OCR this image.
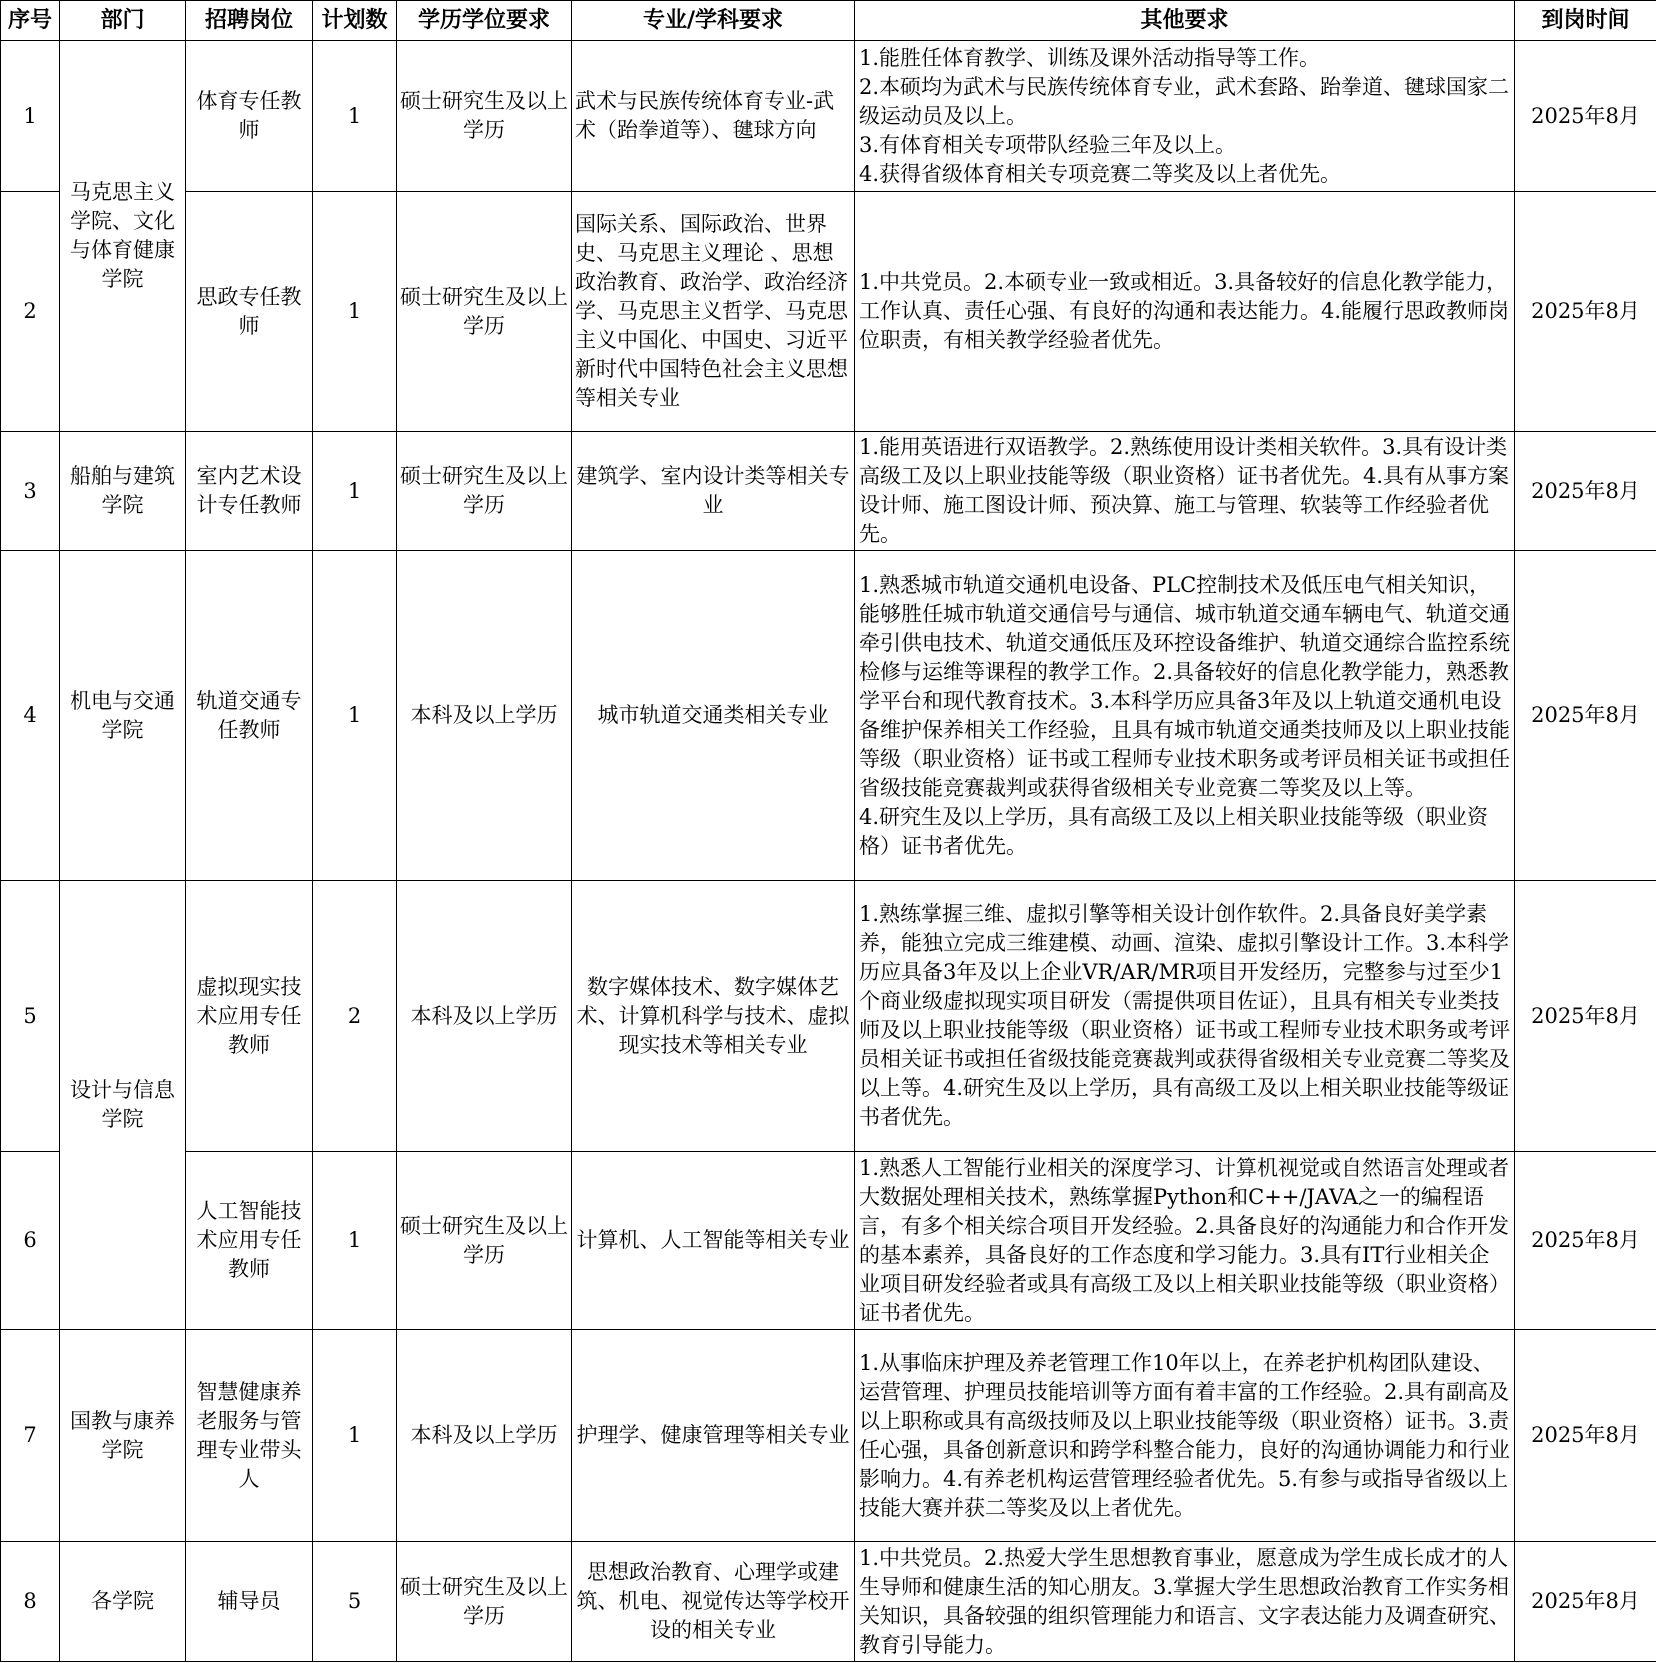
序号	部门	招聘岗位	计划数	学历学位要求	专业/学科要求	其他要求	到岗时间
1	马克思主义学院、文化与体育健康学院	体育专任教师	1	硕士研究生及以上学历	武术与民族传统体育专业-武术（跆拳道等）、毽球方向	1.能胜任体育教学、训练及课外活动指导等工作。
2.本硕均为武术与民族传统体育专业，武术套路、跆拳道、毽球国家二级运动员及以上。
3.有体育相关专项带队经验三年及以上。
4.获得省级体育相关专项竞赛二等奖及以上者优先。	2025年8月
2		思政专任教师	1	硕士研究生及以上学历	国际关系、国际政治、世界史、马克思主义理论 、思想政治教育、政治学、政治经济学、马克思主义哲学、马克思主义中国化、中国史、习近平新时代中国特色社会主义思想等相关专业	1.中共党员。2.本硕专业一致或相近。3.具备较好的信息化教学能力，工作认真、责任心强、有良好的沟通和表达能力。4.能履行思政教师岗位职责，有相关教学经验者优先。	2025年8月
3	船舶与建筑学院	室内艺术设计专任教师	1	硕士研究生及以上学历	建筑学、室内设计类等相关专业	1.能用英语进行双语教学。2.熟练使用设计类相关软件。3.具有设计类高级工及以上职业技能等级（职业资格）证书者优先。4.具有从事方案设计师、施工图设计师、预决算、施工与管理、软装等工作经验者优先。	2025年8月
4	机电与交通学院	轨道交通专任教师	1	本科及以上学历	城市轨道交通类相关专业	1.熟悉城市轨道交通机电设备、PLC控制技术及低压电气相关知识，能够胜任城市轨道交通信号与通信、城市轨道交通车辆电气、轨道交通牵引供电技术、轨道交通低压及环控设备维护、轨道交通综合监控系统检修与运维等课程的教学工作。2.具备较好的信息化教学能力，熟悉教学平台和现代教育技术。3.本科学历应具备3年及以上轨道交通机电设备维护保养相关工作经验，且具有城市轨道交通类技师及以上职业技能等级（职业资格）证书或工程师专业技术职务或考评员相关证书或担任省级技能竞赛裁判或获得省级相关专业竞赛二等奖及以上等。
4.研究生及以上学历，具有高级工及以上相关职业技能等级（职业资格）证书者优先。	2025年8月
5	设计与信息学院	虚拟现实技术应用专任教师	2	本科及以上学历	数字媒体技术、数字媒体艺术、计算机科学与技术、虚拟现实技术等相关专业	1.熟练掌握三维、虚拟引擎等相关设计创作软件。2.具备良好美学素养，能独立完成三维建模、动画、渲染、虚拟引擎设计工作。3.本科学历应具备3年及以上企业VR/AR/MR项目开发经历，完整参与过至少1个商业级虚拟现实项目研发（需提供项目佐证），且具有相关专业类技师及以上职业技能等级（职业资格）证书或工程师专业技术职务或考评员相关证书或担任省级技能竞赛裁判或获得省级相关专业竞赛二等奖及以上等。4.研究生及以上学历，具有高级工及以上相关职业技能等级证书者优先。	2025年8月
6		人工智能技术应用专任教师	1	硕士研究生及以上学历	计算机、人工智能等相关专业	1.熟悉人工智能行业相关的深度学习、计算机视觉或自然语言处理或者大数据处理相关技术，熟练掌握Python和C++/JAVA之一的编程语言，有多个相关综合项目开发经验。2.具备良好的沟通能力和合作开发的基本素养，具备良好的工作态度和学习能力。3.具有IT行业相关企业项目研发经验者或具有高级工及以上相关职业技能等级（职业资格）证书者优先。	2025年8月
7	国教与康养学院	智慧健康养老服务与管理专业带头人	1	本科及以上学历	护理学、健康管理等相关专业	1.从事临床护理及养老管理工作10年以上，在养老护机构团队建设、运营管理、护理员技能培训等方面有着丰富的工作经验。2.具有副高及以上职称或具有高级技师及以上职业技能等级（职业资格）证书。3.责任心强，具备创新意识和跨学科整合能力，良好的沟通协调能力和行业影响力。4.有养老机构运营管理经验者优先。5.有参与或指导省级以上技能大赛并获二等奖及以上者优先。	2025年8月
8	各学院	辅导员	5	硕士研究生及以上学历	思想政治教育、心理学或建筑、机电、视觉传达等学校开设的相关专业	1.中共党员。2.热爱大学生思想教育事业，愿意成为学生成长成才的人生导师和健康生活的知心朋友。3.掌握大学生思想政治教育工作实务相关知识，具备较强的组织管理能力和语言、文字表达能力及调查研究、教育引导能力。	2025年8月
